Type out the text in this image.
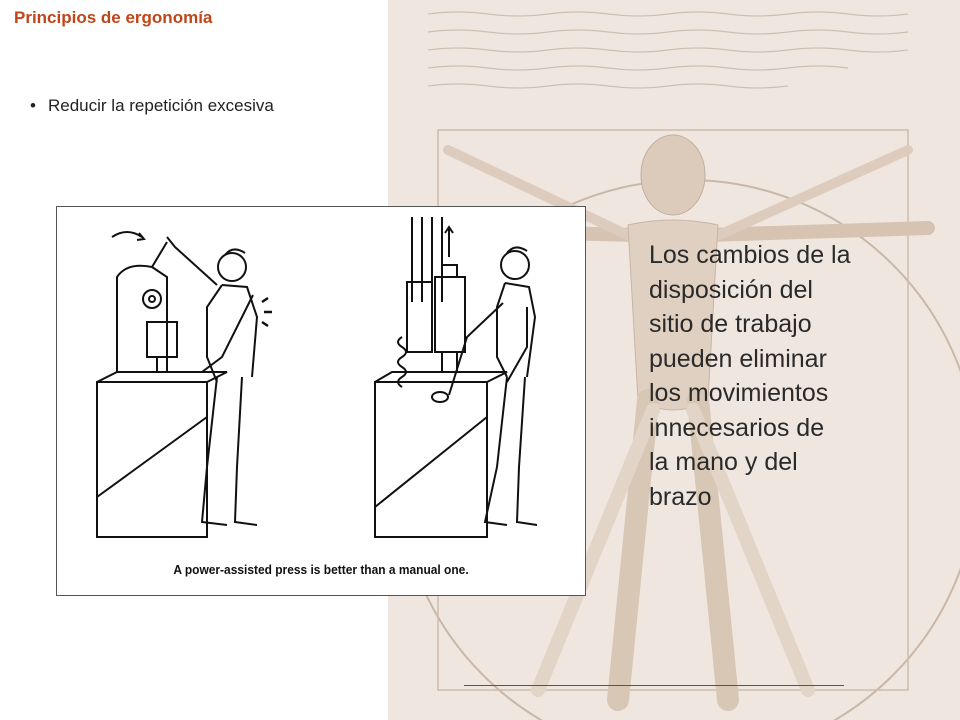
Principios de ergonomía
• Reducir la repetición excesiva
A power-assisted press is better than a manual one.
Los cambios de la
disposición del
sitio de trabajo
pueden eliminar
los movimientos
innecesarios de
la mano y del
brazo
